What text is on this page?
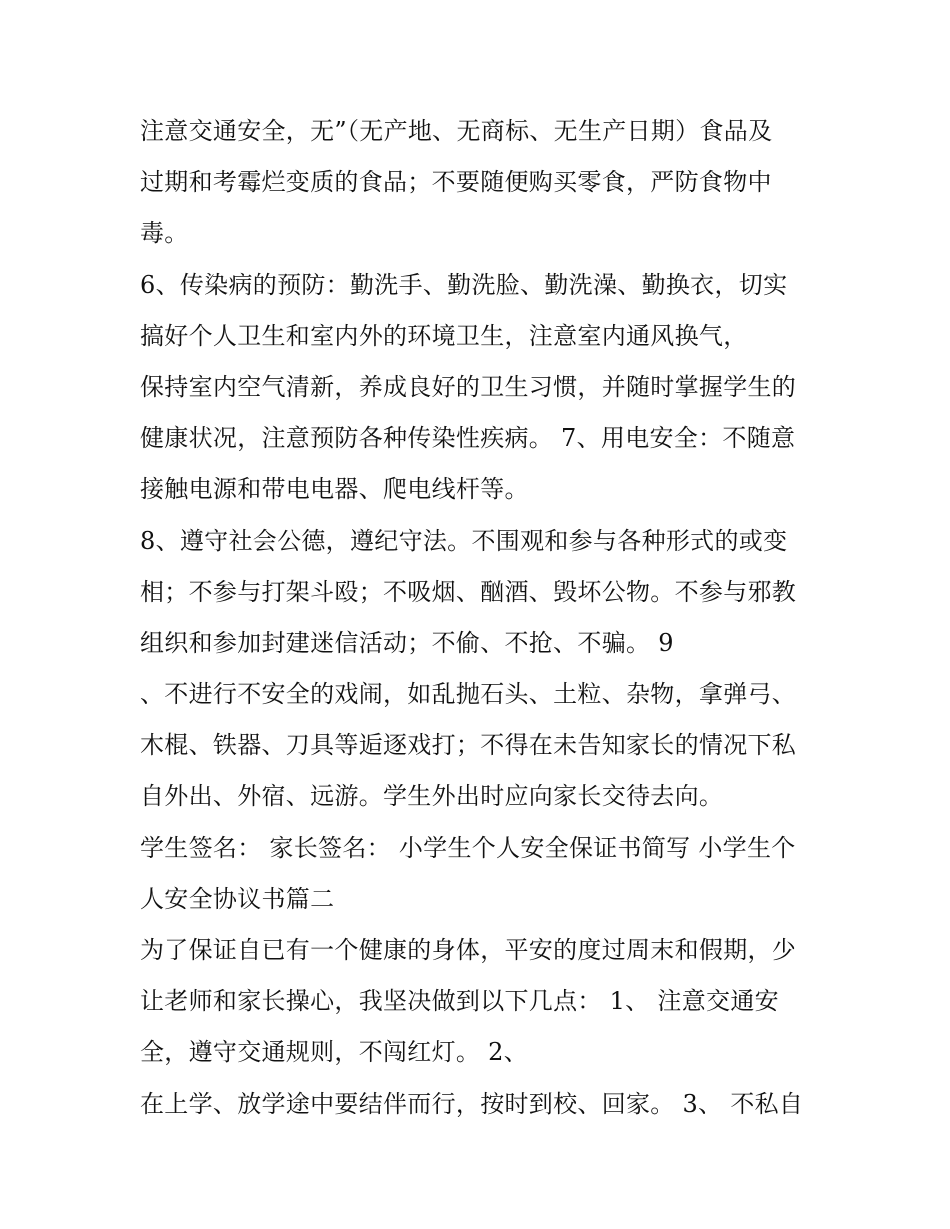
注意交通安全，无”（无产地、无商标、无生产日期）食品及
过期和考霉烂变质的食品；不要随便购买零食，严防食物中
毒。
6、传染病的预防：勤洗手、勤洗脸、勤洗澡、勤换衣，切实
搞好个人卫生和室内外的环境卫生，注意室内通风换气，
保持室内空气清新，养成良好的卫生习惯，并随时掌握学生的
健康状况，注意预防各种传染性疾病。 7、用电安全：不随意
接触电源和带电电器、爬电线杆等。
8、遵守社会公德，遵纪守法。不围观和参与各种形式的或变
相；不参与打架斗殴；不吸烟、酗酒、毁坏公物。不参与邪教
组织和参加封建迷信活动；不偷、不抢、不骗。 9
、不进行不安全的戏闹，如乱抛石头、土粒、杂物，拿弹弓、
木棍、铁器、刀具等逅逐戏打；不得在未告知家长的情况下私
自外出、外宿、远游。学生外出时应向家长交待去向。
学生签名： 家长签名： 小学生个人安全保证书简写 小学生个
人安全协议书篇二
为了保证自已有一个健康的身体，平安的度过周末和假期，少
让老师和家长操心，我坚决做到以下几点： 1、 注意交通安
全，遵守交通规则，不闯红灯。 2、
在上学、放学途中要结伴而行，按时到校、回家。 3、 不私自
